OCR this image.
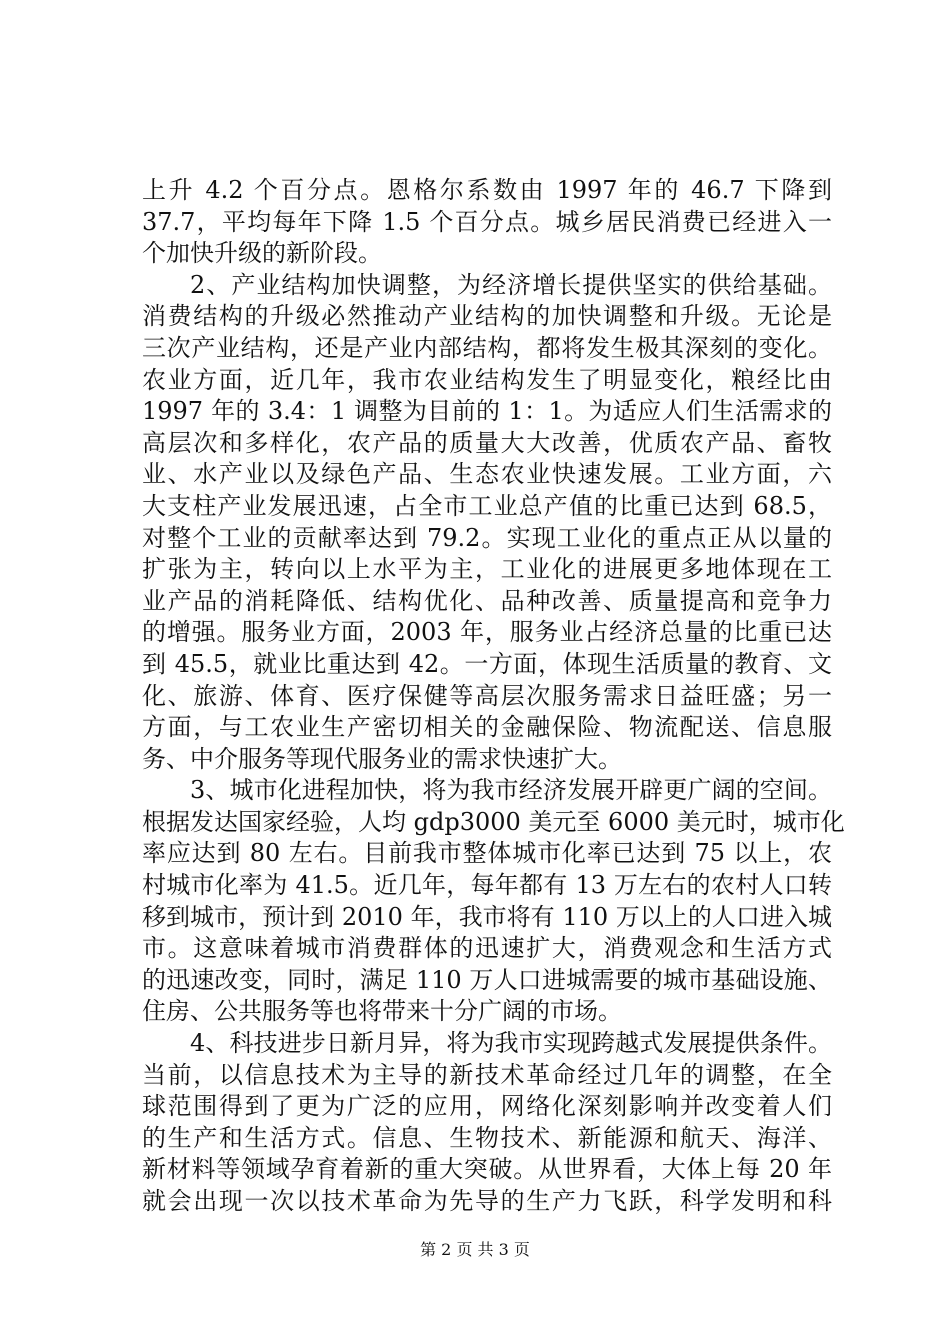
上升 4.2 个百分点。恩格尔系数由 1997 年的 46.7 下降到
37.7，平均每年下降 1.5 个百分点。城乡居民消费已经进入一
个加快升级的新阶段。
2、产业结构加快调整，为经济增长提供坚实的供给基础。
消费结构的升级必然推动产业结构的加快调整和升级。无论是
三次产业结构，还是产业内部结构，都将发生极其深刻的变化。
农业方面，近几年，我市农业结构发生了明显变化，粮经比由
1997 年的 3.4：1 调整为目前的 1：1。为适应人们生活需求的
高层次和多样化，农产品的质量大大改善，优质农产品、畜牧
业、水产业以及绿色产品、生态农业快速发展。工业方面，六
大支柱产业发展迅速，占全市工业总产值的比重已达到 68.5，
对整个工业的贡献率达到 79.2。实现工业化的重点正从以量的
扩张为主，转向以上水平为主，工业化的进展更多地体现在工
业产品的消耗降低、结构优化、品种改善、质量提高和竞争力
的增强。服务业方面，2003 年，服务业占经济总量的比重已达
到 45.5，就业比重达到 42。一方面，体现生活质量的教育、文
化、旅游、体育、医疗保健等高层次服务需求日益旺盛；另一
方面，与工农业生产密切相关的金融保险、物流配送、信息服
务、中介服务等现代服务业的需求快速扩大。
3、城市化进程加快，将为我市经济发展开辟更广阔的空间。
根据发达国家经验，人均 gdp3000 美元至 6000 美元时，城市化
率应达到 80 左右。目前我市整体城市化率已达到 75 以上，农
村城市化率为 41.5。近几年，每年都有 13 万左右的农村人口转
移到城市，预计到 2010 年，我市将有 110 万以上的人口进入城
市。这意味着城市消费群体的迅速扩大，消费观念和生活方式
的迅速改变，同时，满足 110 万人口进城需要的城市基础设施、
住房、公共服务等也将带来十分广阔的市场。
4、科技进步日新月异，将为我市实现跨越式发展提供条件。
当前，以信息技术为主导的新技术革命经过几年的调整，在全
球范围得到了更为广泛的应用，网络化深刻影响并改变着人们
的生产和生活方式。信息、生物技术、新能源和航天、海洋、
新材料等领域孕育着新的重大突破。从世界看，大体上每 20 年
就会出现一次以技术革命为先导的生产力飞跃，科学发明和科
第 2 页 共 3 页
